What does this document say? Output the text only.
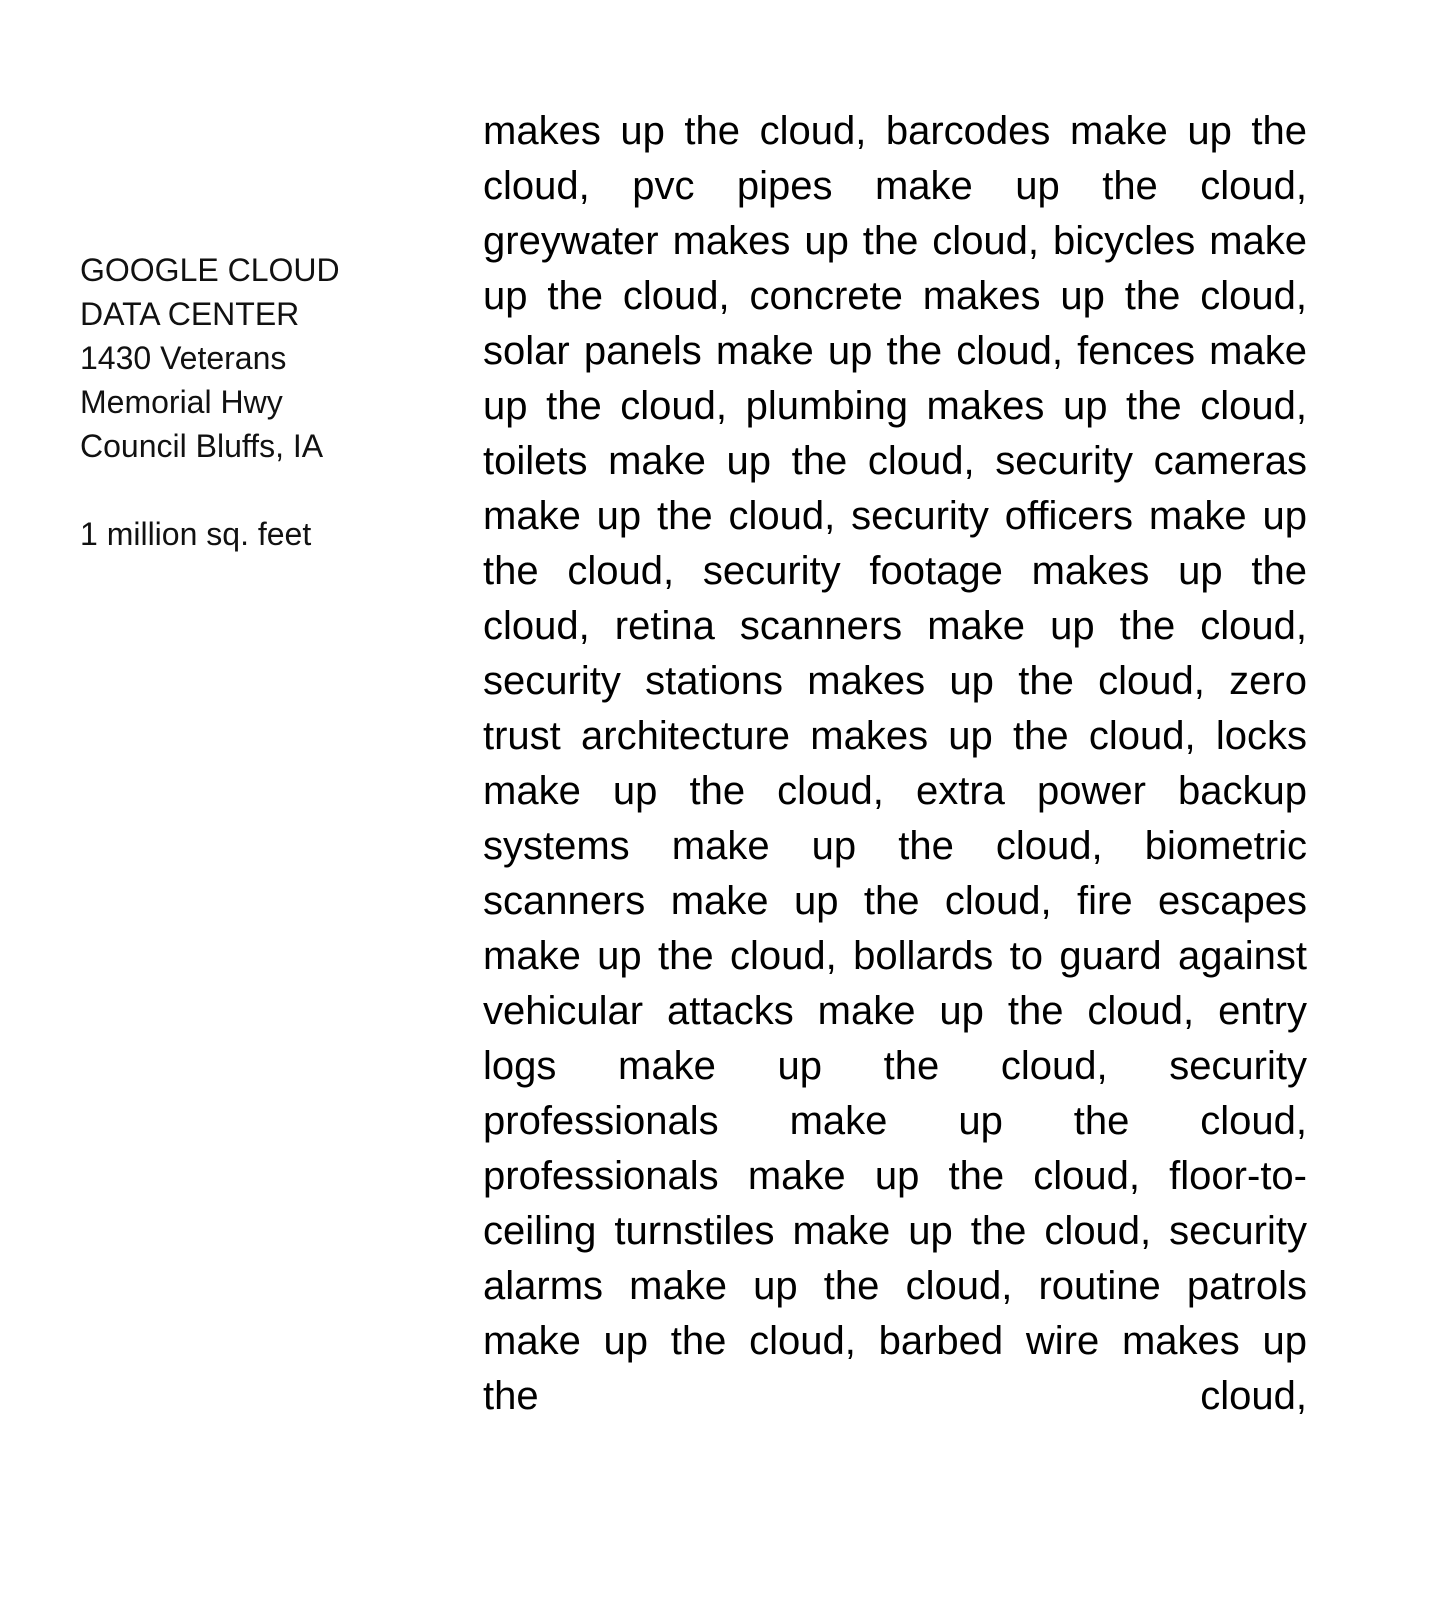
GOOGLE CLOUD
DATA CENTER
1430 Veterans
Memorial Hwy
Council Bluffs, IA
1 million sq. feet

makes up the cloud, barcodes make up the cloud, pvc pipes make up the cloud, greywater makes up the cloud, bicycles make up the cloud, concrete makes up the cloud, solar panels make up the cloud, fences make up the cloud, plumbing makes up the cloud, toilets make up the cloud, security cameras make up the cloud, security officers make up the cloud, security footage makes up the cloud, retina scanners make up the cloud, security stations makes up the cloud, zero trust architecture makes up the cloud, locks make up the cloud, extra power backup systems make up the cloud, biometric scanners make up the cloud, fire escapes make up the cloud, bollards to guard against vehicular attacks make up the cloud, entry logs make up the cloud, security professionals make up the cloud, professionals make up the cloud, floor-to-ceiling turnstiles make up the cloud, security alarms make up the cloud, routine patrols make up the cloud, barbed wire makes up the cloud,
